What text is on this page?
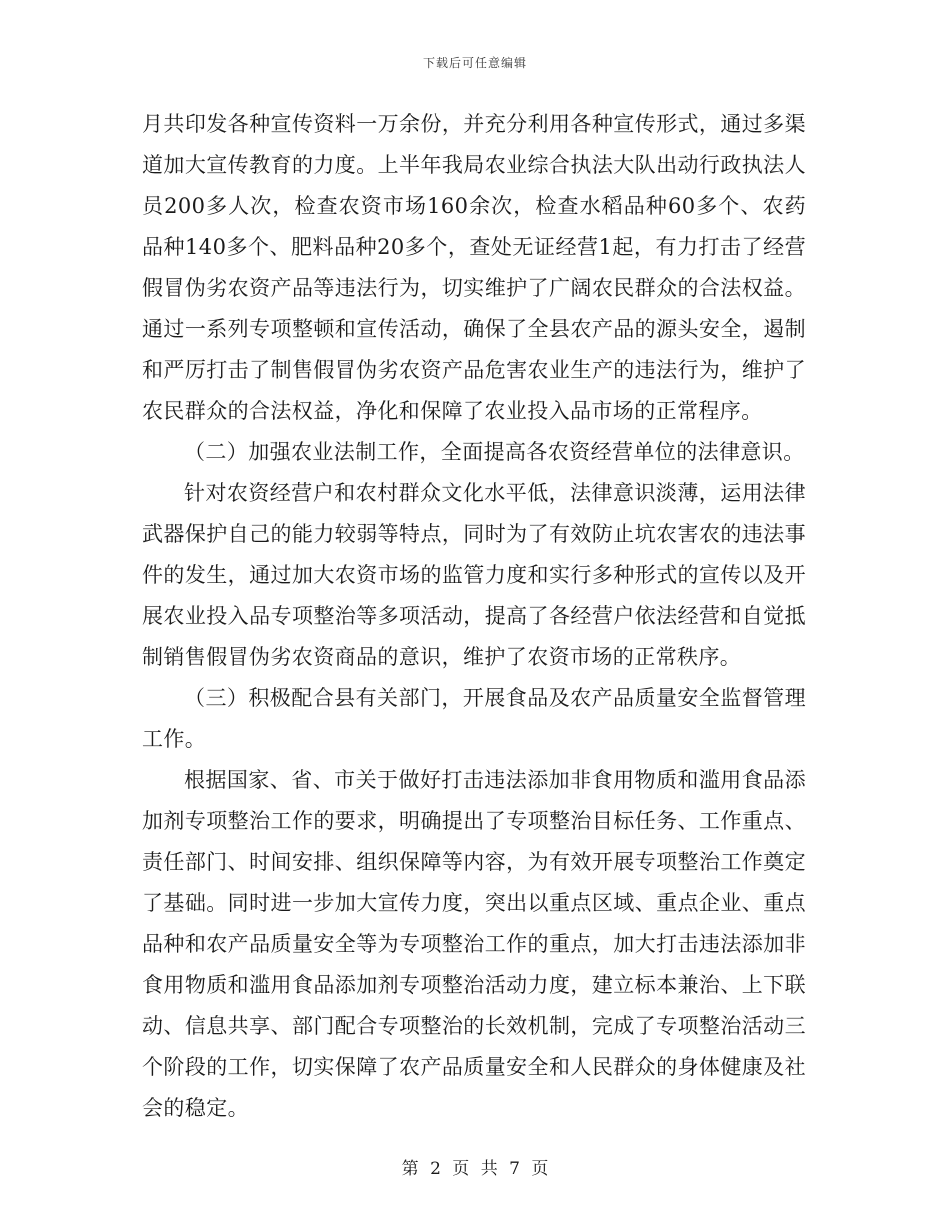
下载后可任意编辑

月共印发各种宣传资料一万余份，并充分利用各种宣传形式，通过多渠道加大宣传教育的力度。上半年我局农业综合执法大队出动行政执法人员200多人次，检查农资市场160余次，检查水稻品种60多个、农药品种140多个、肥料品种20多个，查处无证经营1起，有力打击了经营假冒伪劣农资产品等违法行为，切实维护了广阔农民群众的合法权益。通过一系列专项整顿和宣传活动，确保了全县农产品的源头安全，遏制和严厉打击了制售假冒伪劣农资产品危害农业生产的违法行为，维护了农民群众的合法权益，净化和保障了农业投入品市场的正常程序。

（二）加强农业法制工作，全面提高各农资经营单位的法律意识。

针对农资经营户和农村群众文化水平低，法律意识淡薄，运用法律武器保护自己的能力较弱等特点，同时为了有效防止坑农害农的违法事件的发生，通过加大农资市场的监管力度和实行多种形式的宣传以及开展农业投入品专项整治等多项活动，提高了各经营户依法经营和自觉抵制销售假冒伪劣农资商品的意识，维护了农资市场的正常秩序。

（三）积极配合县有关部门，开展食品及农产品质量安全监督管理工作。

根据国家、省、市关于做好打击违法添加非食用物质和滥用食品添加剂专项整治工作的要求，明确提出了专项整治目标任务、工作重点、责任部门、时间安排、组织保障等内容，为有效开展专项整治工作奠定了基础。同时进一步加大宣传力度，突出以重点区域、重点企业、重点品种和农产品质量安全等为专项整治工作的重点，加大打击违法添加非食用物质和滥用食品添加剂专项整治活动力度，建立标本兼治、上下联动、信息共享、部门配合专项整治的长效机制，完成了专项整治活动三个阶段的工作，切实保障了农产品质量安全和人民群众的身体健康及社会的稳定。

第 2 页 共 7 页
